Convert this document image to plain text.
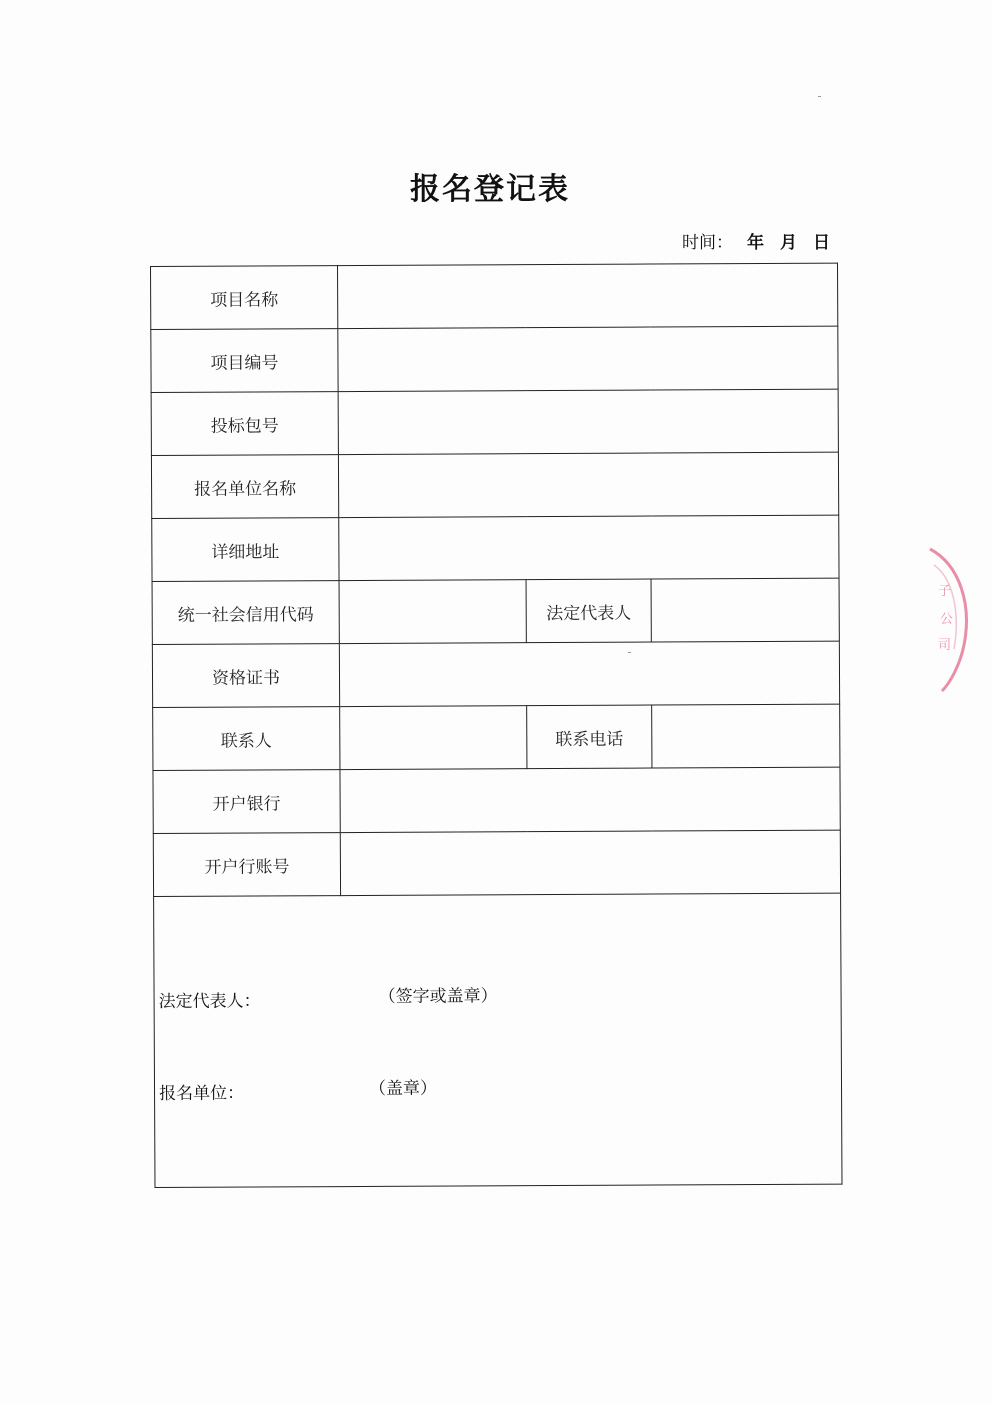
报名登记表
时间： 年 月 日
项目名称			
项目编号			
投标包号			
报名单位名称			
详细地址			
统一社会信用代码		法定代表人	
资格证书			
联系人		联系电话	
开户银行			
开户行账号			

法定代表人： （签字或盖章）
报名单位： （盖章）			
子
公
司
